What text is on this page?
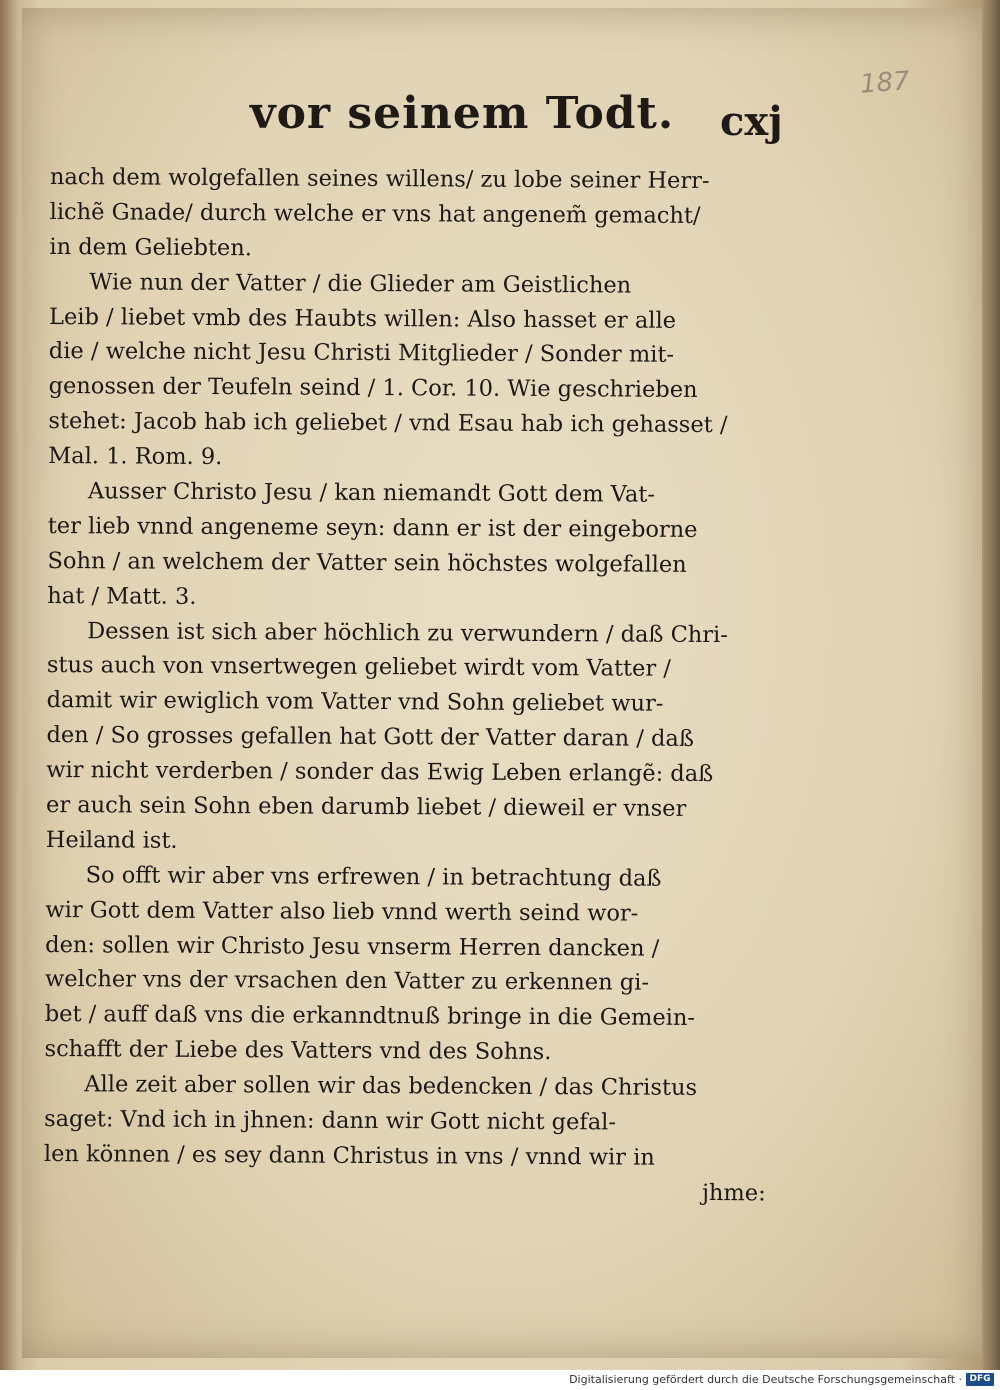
187
vor seinem Todt. cxj
nach dem wolgefallen seines willens/ zu lobe seiner Herr-
lichẽ Gnade/ durch welche er vns hat angenem̃ gemacht/
in dem Geliebten.
Wie nun der Vatter / die Glieder am Geistlichen
Leib / liebet vmb des Haubts willen: Also hasset er alle
die / welche nicht Jesu Christi Mitglieder / Sonder mit-
genossen der Teufeln seind / 1. Cor. 10. Wie geschrieben
stehet: Jacob hab ich geliebet / vnd Esau hab ich gehasset /
Mal. 1. Rom. 9.
Ausser Christo Jesu / kan niemandt Gott dem Vat-
ter lieb vnnd angeneme seyn: dann er ist der eingeborne
Sohn / an welchem der Vatter sein höchstes wolgefallen
hat / Matt. 3.
Dessen ist sich aber höchlich zu verwundern / daß Chri-
stus auch von vnsertwegen geliebet wirdt vom Vatter /
damit wir ewiglich vom Vatter vnd Sohn geliebet wur-
den / So grosses gefallen hat Gott der Vatter daran / daß
wir nicht verderben / sonder das Ewig Leben erlangẽ: daß
er auch sein Sohn eben darumb liebet / dieweil er vnser
Heiland ist.
So offt wir aber vns erfrewen / in betrachtung daß
wir Gott dem Vatter also lieb vnnd werth seind wor-
den: sollen wir Christo Jesu vnserm Herren dancken /
welcher vns der vrsachen den Vatter zu erkennen gi-
bet / auff daß vns die erkanndtnuß bringe in die Gemein-
schafft der Liebe des Vatters vnd des Sohns.
Alle zeit aber sollen wir das bedencken / das Christus
saget: Vnd ich in jhnen: dann wir Gott nicht gefal-
len können / es sey dann Christus in vns / vnnd wir in
jhme:
Digitalisierung gefördert durch die Deutsche Forschungsgemeinschaft · DFG
